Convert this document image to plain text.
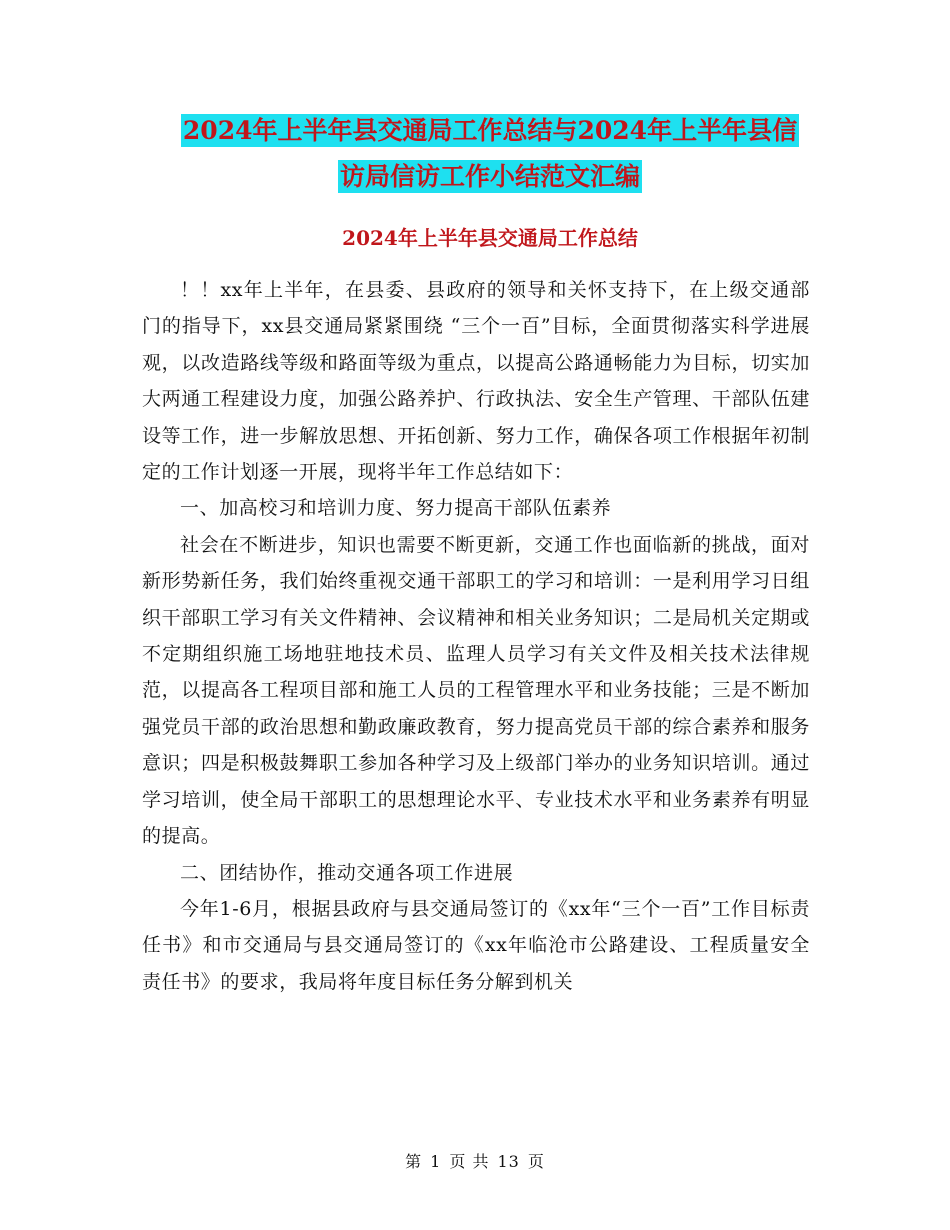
2024年上半年县交通局工作总结与2024年上半年县信
访局信访工作小结范文汇编
2024年上半年县交通局工作总结

！！xx年上半年，在县委、县政府的领导和关怀支持下，在上级交通部门的指导下，xx县交通局紧紧围绕 “三个一百”目标，全面贯彻落实科学进展观，以改造路线等级和路面等级为重点，以提高公路通畅能力为目标，切实加大两通工程建设力度，加强公路养护、行政执法、安全生产管理、干部队伍建设等工作，进一步解放思想、开拓创新、努力工作，确保各项工作根据年初制定的工作计划逐一开展，现将半年工作总结如下：

一、加高校习和培训力度、努力提高干部队伍素养

社会在不断进步，知识也需要不断更新，交通工作也面临新的挑战，面对新形势新任务，我们始终重视交通干部职工的学习和培训：一是利用学习日组织干部职工学习有关文件精神、会议精神和相关业务知识；二是局机关定期或不定期组织施工场地驻地技术员、监理人员学习有关文件及相关技术法律规范，以提高各工程项目部和施工人员的工程管理水平和业务技能；三是不断加强党员干部的政治思想和勤政廉政教育，努力提高党员干部的综合素养和服务意识；四是积极鼓舞职工参加各种学习及上级部门举办的业务知识培训。通过学习培训，使全局干部职工的思想理论水平、专业技术水平和业务素养有明显的提高。

二、团结协作，推动交通各项工作进展

今年1-6月，根据县政府与县交通局签订的《xx年“三个一百”工作目标责任书》和市交通局与县交通局签订的《xx年临沧市公路建设、工程质量安全责任书》的要求，我局将年度目标任务分解到机关

第 1 页 共 13 页
